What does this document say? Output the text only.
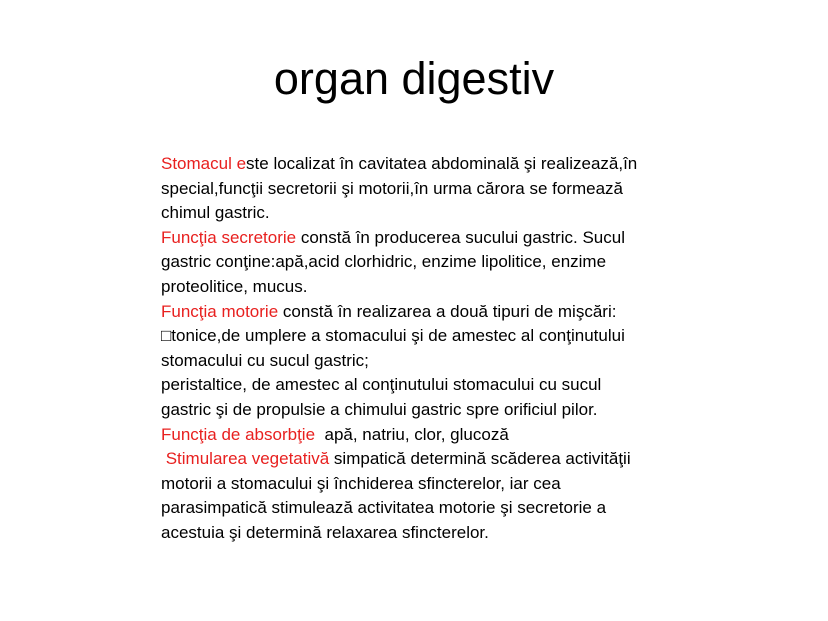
organ digestiv
Stomacul este localizat în cavitatea abdominală şi realizează,în
special,funcţii secretorii şi motorii,în urma cărora se formează
chimul gastric.
Funcţia secretorie constă în producerea sucului gastric. Sucul
gastric conţine:apă,acid clorhidric, enzime lipolitice, enzime
proteolitice, mucus.
Funcţia motorie constă în realizarea a două tipuri de mişcări:
□tonice,de umplere a stomacului şi de amestec al conţinutului
stomacului cu sucul gastric;
peristaltice, de amestec al conţinutului stomacului cu sucul
gastric şi de propulsie a chimului gastric spre orificiul pilor.
Funcţia de absorbţie  apă, natriu, clor, glucoză
Stimularea vegetativă simpatică determină scăderea activităţii
motorii a stomacului şi închiderea sfincterelor, iar cea
parasimpatică stimulează activitatea motorie şi secretorie a
acestuia şi determină relaxarea sfincterelor.
